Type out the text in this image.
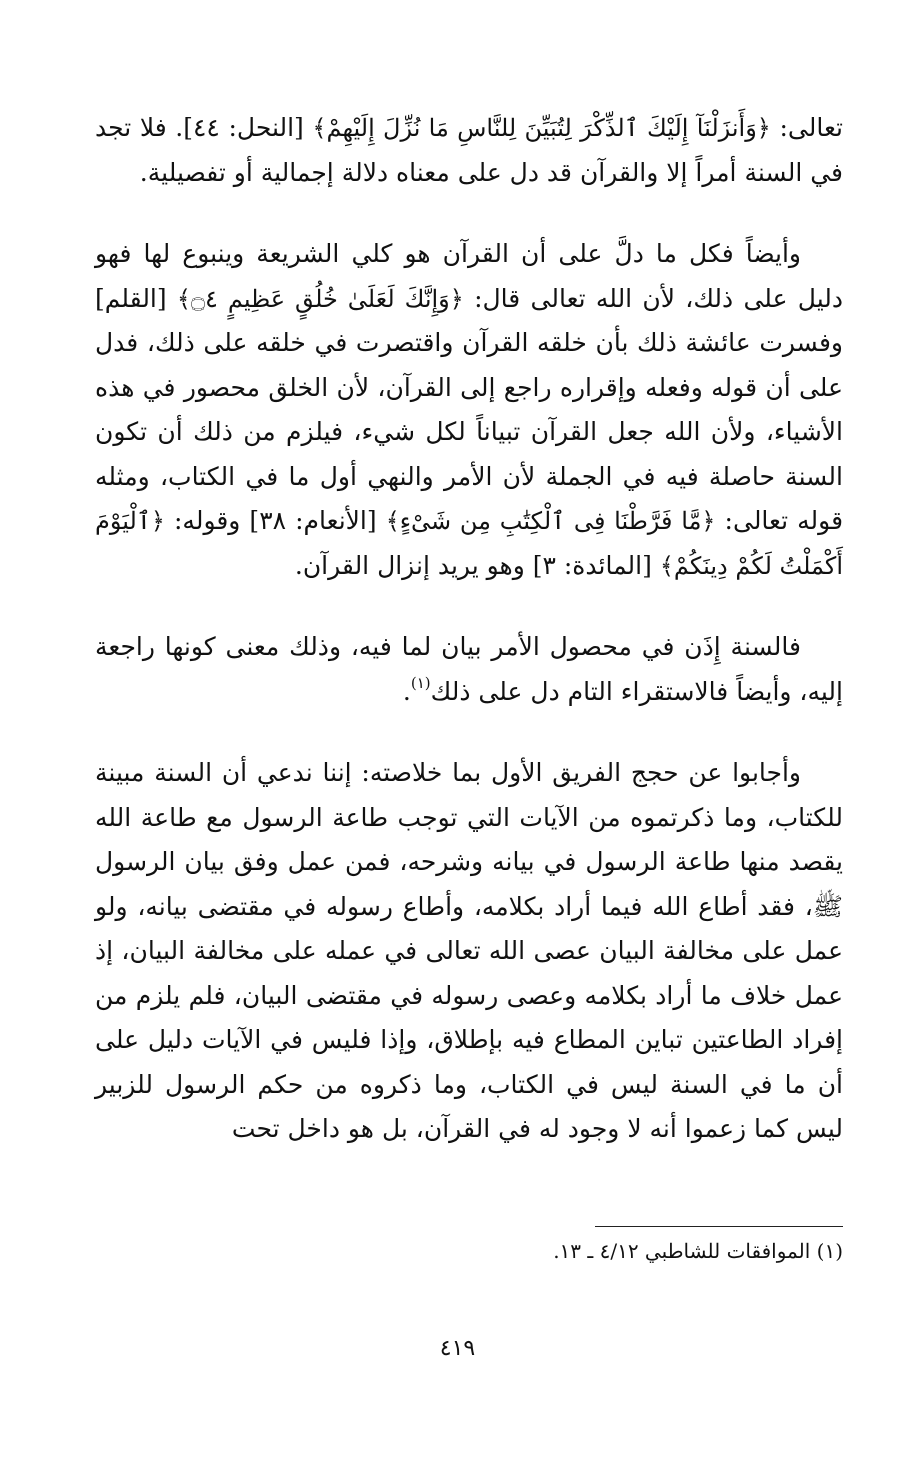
تعالى: ﴿وَأَنزَلْنَآ إِلَيْكَ ٱلذِّكْرَ لِتُبَيِّنَ لِلنَّاسِ مَا نُزِّلَ إِلَيْهِمْ﴾ [النحل: ٤٤]. فلا تجد في السنة أمراً إلا والقرآن قد دل على معناه دلالة إجمالية أو تفصيلية.

وأيضاً فكل ما دلَّ على أن القرآن هو كلي الشريعة وينبوع لها فهو دليل على ذلك، لأن الله تعالى قال: ﴿وَإِنَّكَ لَعَلَىٰ خُلُقٍ عَظِيمٍ ۝٤﴾ [القلم] وفسرت عائشة ذلك بأن خلقه القرآن واقتصرت في خلقه على ذلك، فدل على أن قوله وفعله وإقراره راجع إلى القرآن، لأن الخلق محصور في هذه الأشياء، ولأن الله جعل القرآن تبياناً لكل شيء، فيلزم من ذلك أن تكون السنة حاصلة فيه في الجملة لأن الأمر والنهي أول ما في الكتاب، ومثله قوله تعالى: ﴿مَّا فَرَّطْنَا فِى ٱلْكِتَٰبِ مِن شَىْءٍ﴾ [الأنعام: ٣٨] وقوله: ﴿ٱلْيَوْمَ أَكْمَلْتُ لَكُمْ دِينَكُمْ﴾ [المائدة: ٣] وهو يريد إنزال القرآن.

فالسنة إِذَن في محصول الأمر بيان لما فيه، وذلك معنى كونها راجعة إليه، وأيضاً فالاستقراء التام دل على ذلك$^{(١)}$.

وأجابوا عن حجج الفريق الأول بما خلاصته: إننا ندعي أن السنة مبينة للكتاب، وما ذكرتموه من الآيات التي توجب طاعة الرسول مع طاعة الله يقصد منها طاعة الرسول في بيانه وشرحه، فمن عمل وفق بيان الرسول ﷺ، فقد أطاع الله فيما أراد بكلامه، وأطاع رسوله في مقتضى بيانه، ولو عمل على مخالفة البيان عصى الله تعالى في عمله على مخالفة البيان، إذ عمل خلاف ما أراد بكلامه وعصى رسوله في مقتضى البيان، فلم يلزم من إفراد الطاعتين تباين المطاع فيه بإطلاق، وإذا فليس في الآيات دليل على أن ما في السنة ليس في الكتاب، وما ذكروه من حكم الرسول للزبير ليس كما زعموا أنه لا وجود له في القرآن، بل هو داخل تحت

(١) الموافقات للشاطبي ٤/١٢ ـ ١٣.
٤١٩
